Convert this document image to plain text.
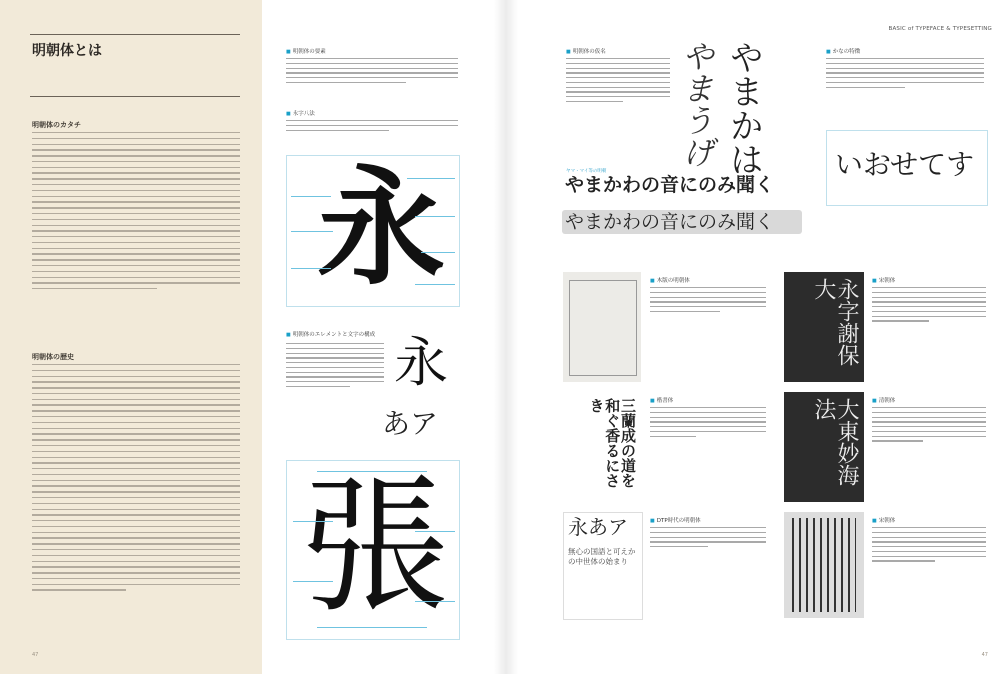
明朝体とは
明朝体のカタチ
明朝体の歴史
47
■ 明朝体の要素
■ 永字八法
永
■ 明朝体のエレメントと文字の構成 永
あア
張
BASIC of TYPEFACE & TYPESETTING
■ 明朝体の仮名	やまかは
やまうげ
ヤマ・マイ等の明朝
やまかわの音にのみ聞く
やまかわの音にのみ聞く
■ かなの特徴
いおせてす
■ 木版の明朝体	永字謝保大	■ 宋朝体
三蘭成の道を和ぐ香るにさき	■ 楷書体	大東妙海法	■ 清朝体
永あア
無心の国語と可えかの中世体の始まり
■ DTP時代の明朝体	■ 宋朝体
47
